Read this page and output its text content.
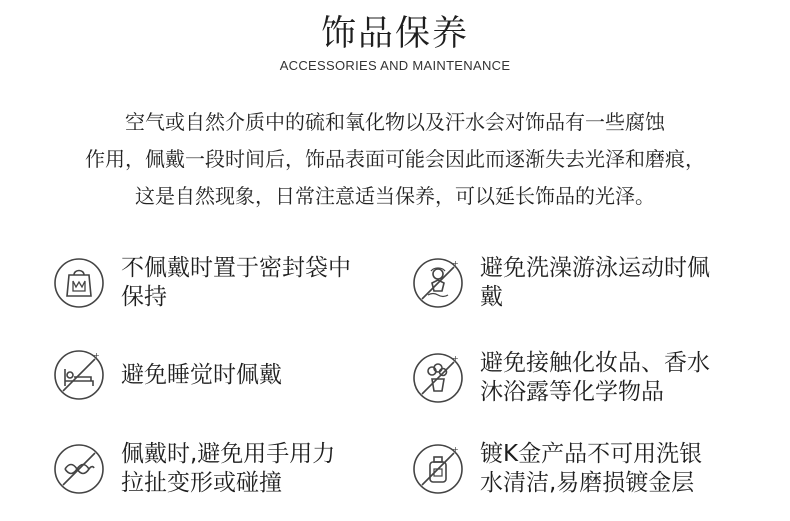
饰品保养
ACCESSORIES AND MAINTENANCE

空气或自然介质中的硫和氧化物以及汗水会对饰品有一些腐蚀

作用，佩戴一段时间后，饰品表面可能会因此而逐渐失去光泽和磨痕，

这是自然现象，日常注意适当保养，可以延长饰品的光泽。

不佩戴时置于密封袋中
保持
+ 避免洗澡游泳运动时佩
戴
+
避免睡觉时佩戴
+ 避免接触化妆品、香水
沐浴露等化学物品
佩戴时,避免用手用力
拉扯变形或碰撞
+ 镀K金产品不可用洗银
水清洁,易磨损镀金层
